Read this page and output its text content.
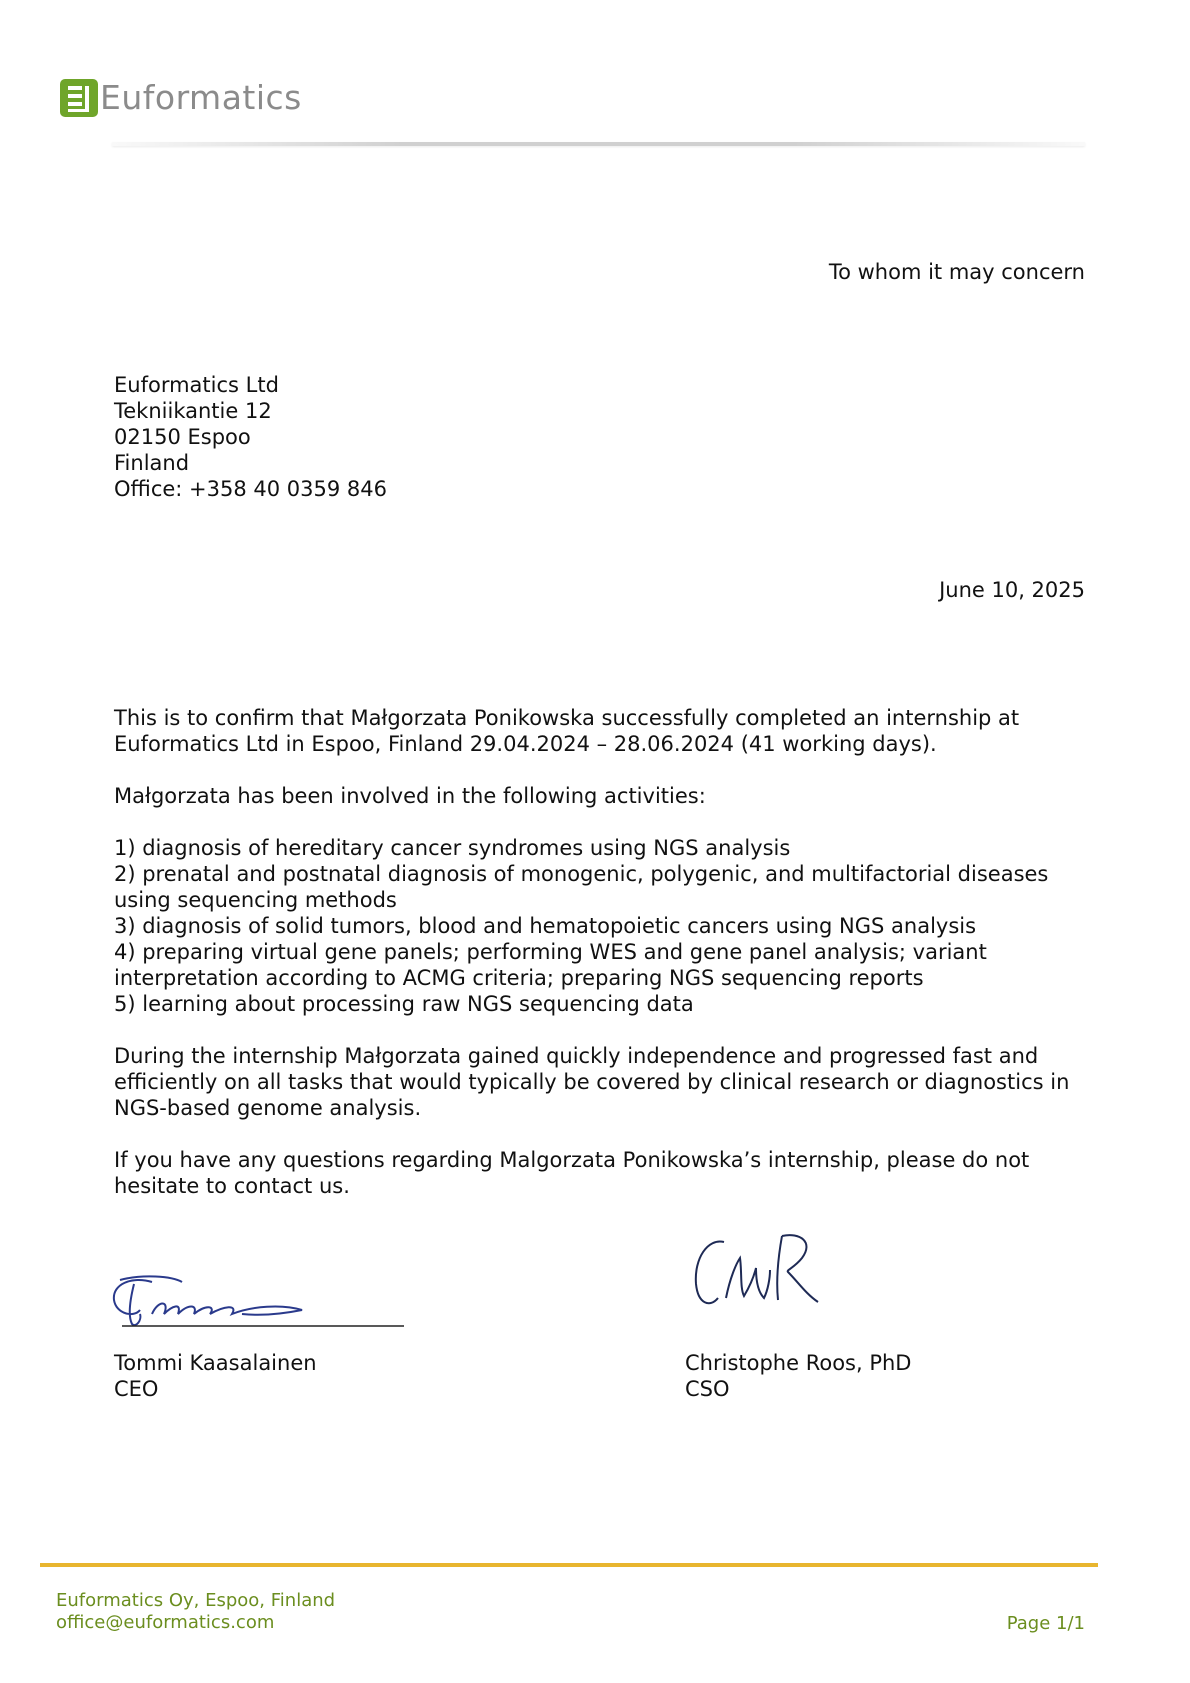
Euformatics
To whom it may concern
Euformatics Ltd
Tekniikantie 12
02150 Espoo
Finland
Office: +358 40 0359 846
June 10, 2025

This is to confirm that Małgorzata Ponikowska successfully completed an internship at
Euformatics Ltd in Espoo, Finland 29.04.2024 – 28.06.2024 (41 working days).

Małgorzata has been involved in the following activities:

1) diagnosis of hereditary cancer syndromes using NGS analysis
2) prenatal and postnatal diagnosis of monogenic, polygenic, and multifactorial diseases
using sequencing methods
3) diagnosis of solid tumors, blood and hematopoietic cancers using NGS analysis
4) preparing virtual gene panels; performing WES and gene panel analysis; variant
interpretation according to ACMG criteria; preparing NGS sequencing reports
5) learning about processing raw NGS sequencing data

During the internship Małgorzata gained quickly independence and progressed fast and
efficiently on all tasks that would typically be covered by clinical research or diagnostics in
NGS-based genome analysis.

If you have any questions regarding Malgorzata Ponikowska’s internship, please do not
hesitate to contact us.

Tommi Kaasalainen
CEO
Christophe Roos, PhD
CSO
Euformatics Oy, Espoo, Finland
office@euformatics.com	Page 1/1
